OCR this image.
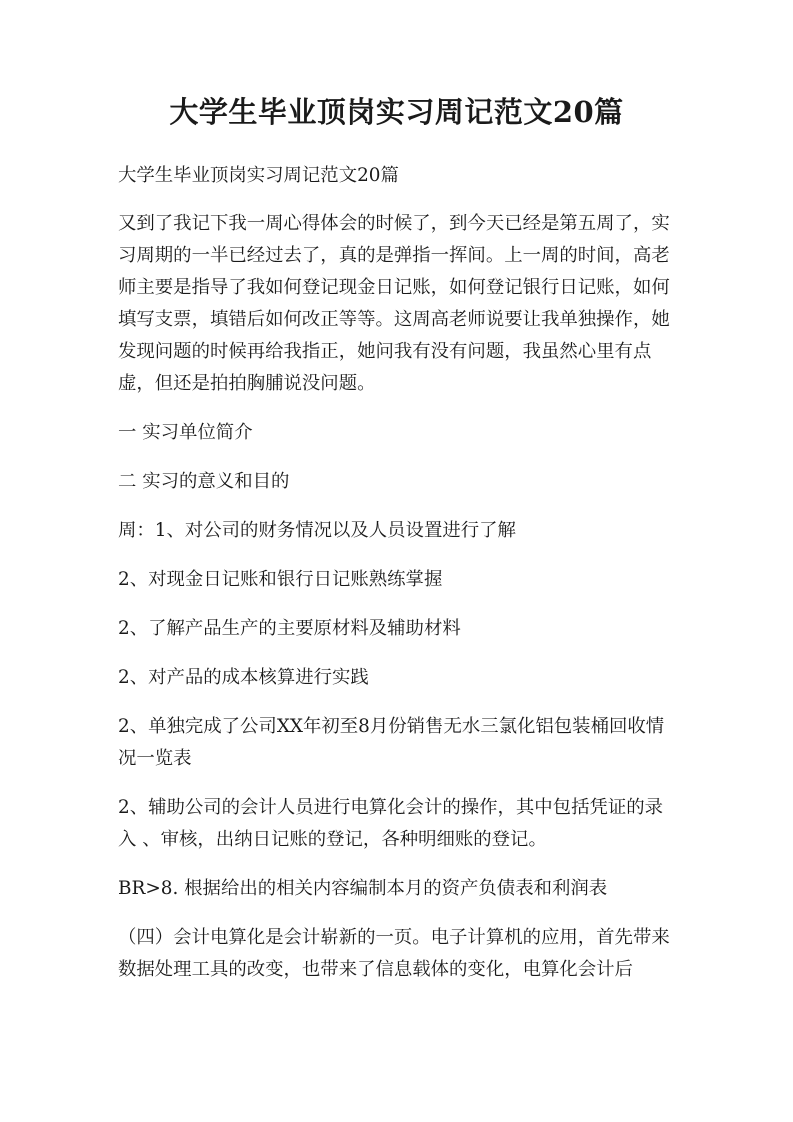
大学生毕业顶岗实习周记范文20篇

大学生毕业顶岗实习周记范文20篇

又到了我记下我一周心得体会的时候了，到今天已经是第五周了，实习周期的一半已经过去了，真的是弹指一挥间。上一周的时间，高老师主要是指导了我如何登记现金日记账，如何登记银行日记账，如何填写支票，填错后如何改正等等。这周高老师说要让我单独操作，她发现问题的时候再给我指正，她问我有没有问题，我虽然心里有点虚，但还是拍拍胸脯说没问题。

一 实习单位简介

二 实习的意义和目的

周：1、对公司的财务情况以及人员设置进行了解

2、对现金日记账和银行日记账熟练掌握

2、了解产品生产的主要原材料及辅助材料

2、对产品的成本核算进行实践

2、单独完成了公司XX年初至8月份销售无水三氯化铝包装桶回收情况一览表

2、辅助公司的会计人员进行电算化会计的操作，其中包括凭证的录入 、审核，出纳日记账的登记，各种明细账的登记。

BR>8. 根据给出的相关内容编制本月的资产负债表和利润表

（四）会计电算化是会计崭新的一页。电子计算机的应用，首先带来数据处理工具的改变，也带来了信息载体的变化，电算化会计后
